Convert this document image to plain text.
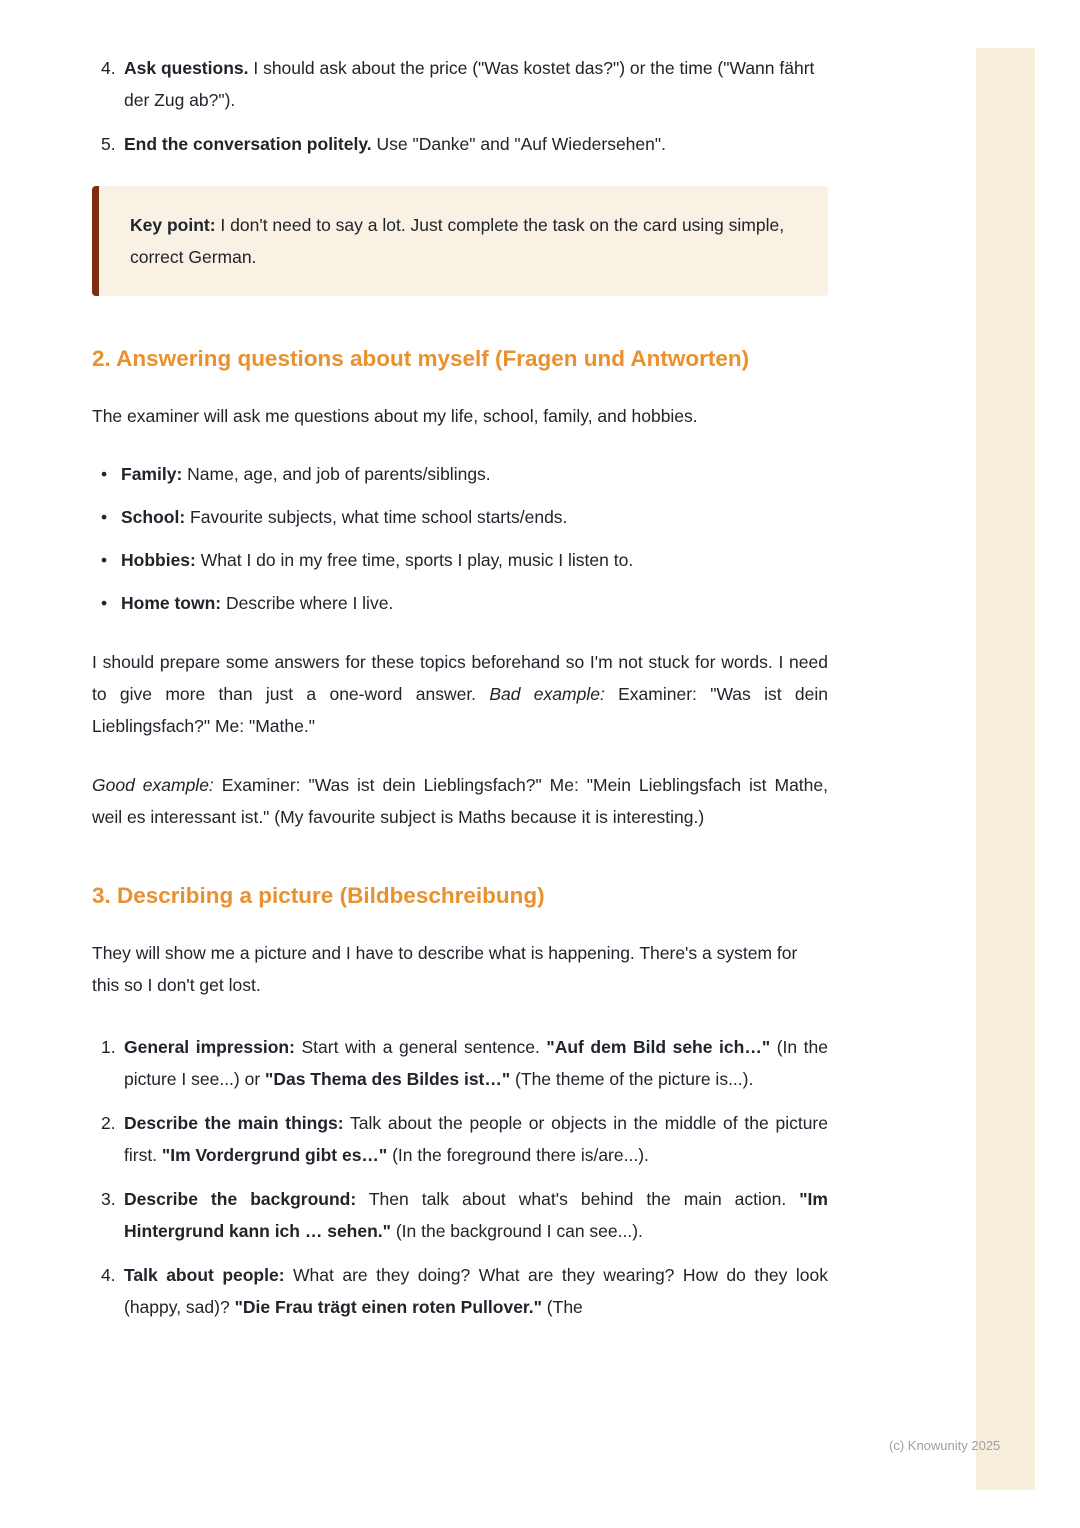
4. Ask questions. I should ask about the price ("Was kostet das?") or the time ("Wann fährt der Zug ab?").

5. End the conversation politely. Use "Danke" and "Auf Wiedersehen".

Key point: I don't need to say a lot. Just complete the task on the card using simple, correct German.

2. Answering questions about myself (Fragen und Antworten)

The examiner will ask me questions about my life, school, family, and hobbies.

• Family: Name, age, and job of parents/siblings.

• School: Favourite subjects, what time school starts/ends.

• Hobbies: What I do in my free time, sports I play, music I listen to.

• Home town: Describe where I live.

I should prepare some answers for these topics beforehand so I'm not stuck for words. I need to give more than just a one-word answer. Bad example: Examiner: "Was ist dein Lieblingsfach?" Me: "Mathe."

Good example: Examiner: "Was ist dein Lieblingsfach?" Me: "Mein Lieblingsfach ist Mathe, weil es interessant ist." (My favourite subject is Maths because it is interesting.)

3. Describing a picture (Bildbeschreibung)

They will show me a picture and I have to describe what is happening. There's a system for this so I don't get lost.

1. General impression: Start with a general sentence. "Auf dem Bild sehe ich…" (In the picture I see...) or "Das Thema des Bildes ist…" (The theme of the picture is...).

2. Describe the main things: Talk about the people or objects in the middle of the picture first. "Im Vordergrund gibt es…" (In the foreground there is/are...).

3. Describe the background: Then talk about what's behind the main action. "Im Hintergrund kann ich … sehen." (In the background I can see...).

4. Talk about people: What are they doing? What are they wearing? How do they look (happy, sad)? "Die Frau trägt einen roten Pullover." (The

(c) Knowunity 2025
